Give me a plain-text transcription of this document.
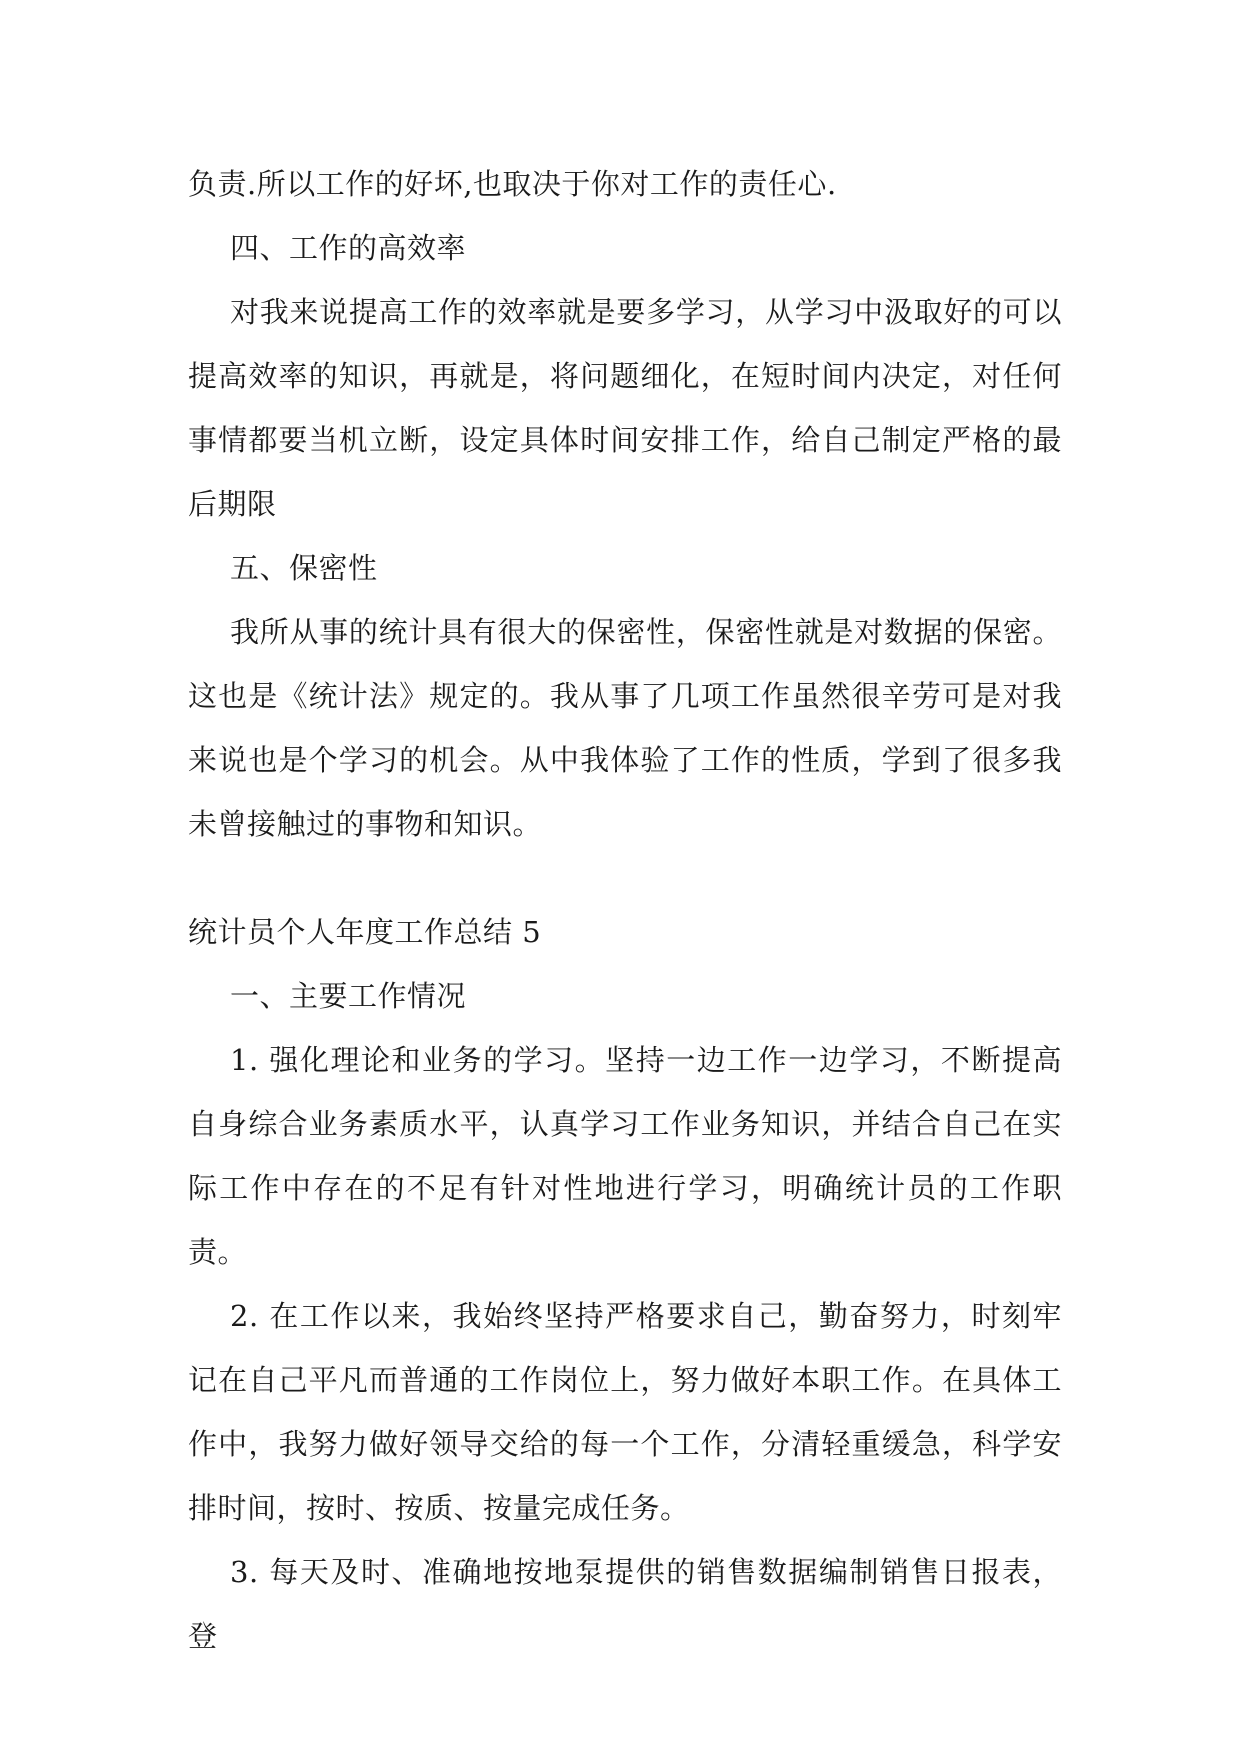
负责.所以工作的好坏,也取决于你对工作的责任心.

四、工作的高效率

对我来说提高工作的效率就是要多学习，从学习中汲取好的可以提高效率的知识，再就是，将问题细化，在短时间内决定，对任何事情都要当机立断，设定具体时间安排工作，给自己制定严格的最后期限

五、保密性

我所从事的统计具有很大的保密性，保密性就是对数据的保密。这也是《统计法》规定的。我从事了几项工作虽然很辛劳可是对我来说也是个学习的机会。从中我体验了工作的性质，学到了很多我未曾接触过的事物和知识。

统计员个人年度工作总结 5

一、主要工作情况

1. 强化理论和业务的学习。坚持一边工作一边学习，不断提高自身综合业务素质水平，认真学习工作业务知识，并结合自己在实际工作中存在的不足有针对性地进行学习，明确统计员的工作职责。

2. 在工作以来，我始终坚持严格要求自己，勤奋努力，时刻牢记在自己平凡而普通的工作岗位上，努力做好本职工作。在具体工作中，我努力做好领导交给的每一个工作，分清轻重缓急，科学安排时间，按时、按质、按量完成任务。

3. 每天及时、准确地按地泵提供的销售数据编制销售日报表，登
